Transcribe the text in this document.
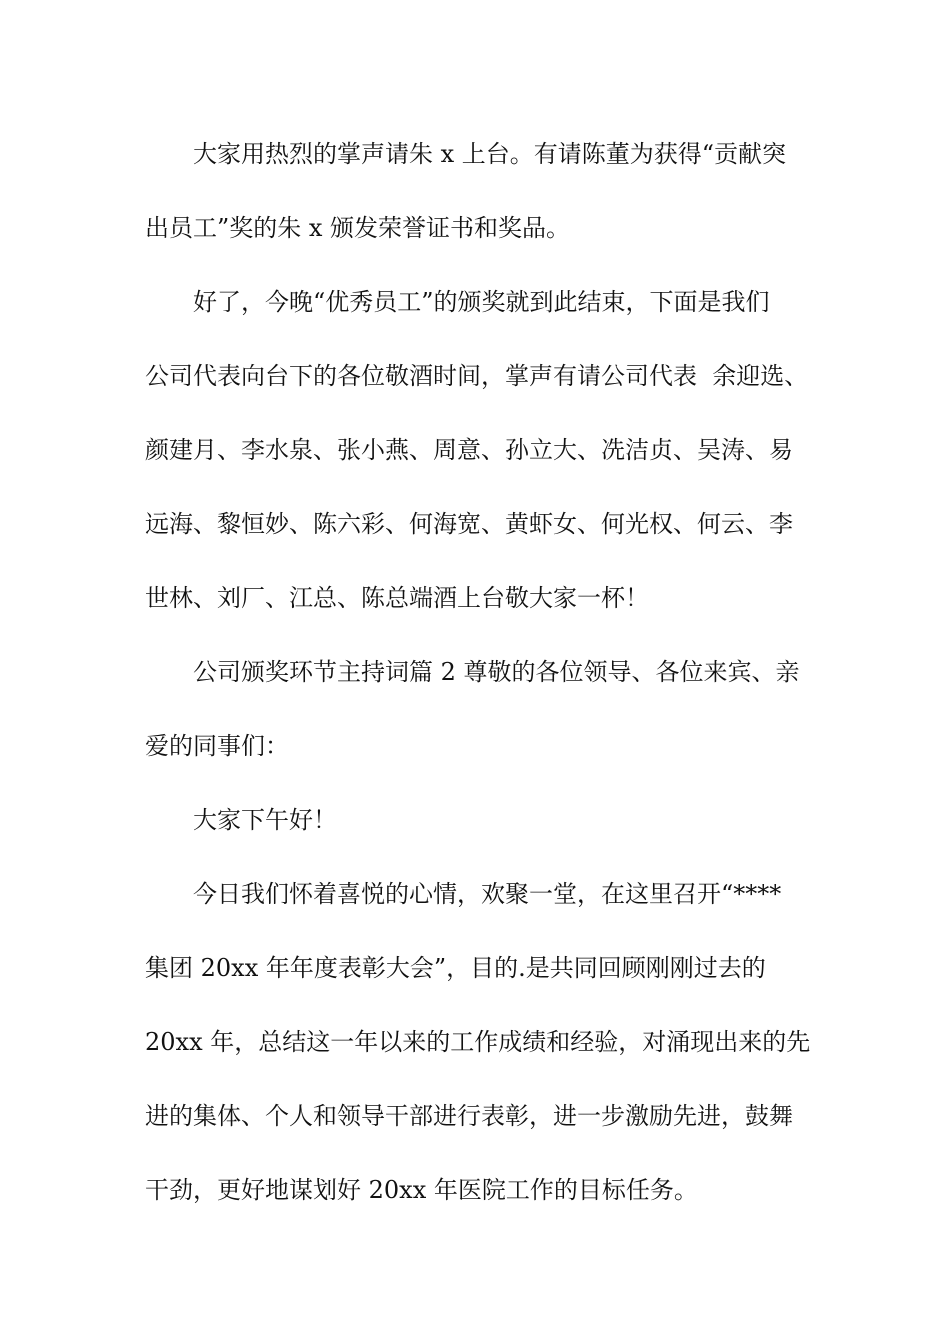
大家用热烈的掌声请朱 x 上台。有请陈董为获得“贡献突
出员工”奖的朱 x 颁发荣誉证书和奖品。
好了，今晚“优秀员工”的颁奖就到此结束，下面是我们
公司代表向台下的各位敬酒时间，掌声有请公司代表  余迎选、
颜建月、李水泉、张小燕、周意、孙立大、冼洁贞、吴涛、易
远海、黎恒妙、陈六彩、何海宽、黄虾女、何光权、何云、李
世林、刘厂、江总、陈总端酒上台敬大家一杯！
公司颁奖环节主持词篇 2 尊敬的各位领导、各位来宾、亲
爱的同事们：
大家下午好！
今日我们怀着喜悦的心情，欢聚一堂，在这里召开“****
集团 20xx 年年度表彰大会”，目的.是共同回顾刚刚过去的
20xx 年，总结这一年以来的工作成绩和经验，对涌现出来的先
进的集体、个人和领导干部进行表彰，进一步激励先进，鼓舞
干劲，更好地谋划好 20xx 年医院工作的目标任务。
